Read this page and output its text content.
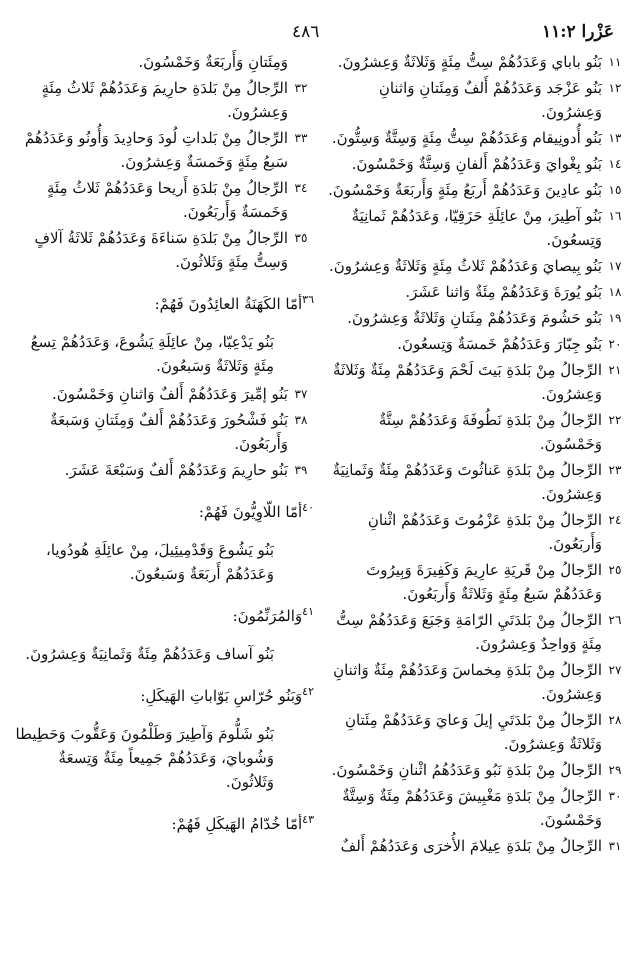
عَزْرا ١١:٢
٤٨٦
١١
بَنُو باباي وَعَدَدُهُمْ سِتُّ مِئَةٍ وَثَلاثَةٌ وَعِشرُونَ.
١٢
بَنُو عَزْجَد وَعَدَدُهُمْ أَلفٌ وَمِئَتانِ وَاثنانِ وَعِشرُونَ.
١٣
بَنُو أُدونِيقام وَعَدَدُهُمْ سِتُّ مِئَةٍ وَسِتَّةٌ وَسِتُّونَ.
١٤
بَنُو بِغْوايَ وَعَدَدُهُمْ أَلفانِ وَسِتَّةٌ وَخَمْسُونَ.
١٥
بَنُو عادِينَ وَعَدَدُهُمْ أَربَعُ مِئَةٍ وَأَربَعَةٌ وَخَمْسُونَ.
١٦
بَنُو آطِيرَ، مِنْ عائِلَةِ حَزَقِيّا، وَعَدَدُهُمْ ثَمانِيَةٌ وَتِسعُونَ.
١٧
بَنُو بِيصايَ وَعَدَدُهُمْ ثَلاثُ مِئَةٍ وَثَلاثَةٌ وَعِشرُونَ.
١٨
بَنُو يُورَةَ وَعَدَدُهُمْ مِئَةٌ وَاثنا عَشَرَ.
١٩
بَنُو حَشُومَ وَعَدَدُهُمْ مِئَتانِ وَثَلاثَةٌ وَعِشرُونَ.
٢٠
بَنُو جِبّارَ وَعَدَدُهُمْ خَمسَةٌ وَتِسعُونَ.
٢١
الرِّجالُ مِنْ بَلدَةِ بَيتَ لَحْمَ وَعَدَدُهُمْ مِئَةٌ وَثَلاثَةٌ وَعِشرُونَ.
٢٢
الرِّجالُ مِنْ بَلدَةِ نَطُوفَةَ وَعَدَدُهُمْ سِتَّةٌ وَخَمْسُونَ.
٢٣
الرِّجالُ مِنْ بَلدَةِ عَناثُوتَ وَعَدَدُهُمْ مِئَةٌ وَثَمانِيَةٌ وَعِشرُونَ.
٢٤
الرِّجالُ مِنْ بَلدَةِ عَزْمُوتَ وَعَدَدُهُمْ اثْنانِ وَأَربَعُونَ.
٢٥
الرِّجالُ مِنْ قَريَةِ عارِيمَ وَكَفِيرَةَ وَبِيرُوتَ وَعَدَدُهُمْ سَبعُ مِئَةٍ وَثَلاثَةٌ وَأَربَعُونَ.
٢٦
الرِّجالُ مِنْ بَلدَتَيِ الرّامَةِ وَجَبَعَ وَعَدَدُهُمْ سِتُّ مِئَةٍ وَواحِدٌ وَعِشرُونَ.
٢٧
الرِّجالُ مِنْ بَلدَةِ مِخماسَ وَعَدَدُهُمْ مِئَةٌ وَاثنانِ وَعِشرُونَ.
٢٨
الرِّجالُ مِنْ بَلدَتَيِ إيلَ وَعايَ وَعَدَدُهُمْ مِئَتانِ وَثَلاثَةٌ وَعِشرُونَ.
٢٩
الرِّجالُ مِنْ بَلدَةِ نَبُو وَعَدَدُهُمُ اثْنانِ وَخَمْسُونَ.
٣٠
الرِّجالُ مِنْ بَلدَةِ مَغْبِيشَ وَعَدَدُهُمْ مِئَةٌ وَسِتَّةٌ وَخَمْسُونَ.
٣١
الرِّجالُ مِنْ بَلدَةِ عِيلامَ الأُخرَى وَعَدَدُهُمْ أَلفٌ
وَمِئَتانِ وَأَربَعَةٌ وَخَمْسُونَ.
٣٢
الرِّجالُ مِنْ بَلدَةِ حارِيمَ وَعَدَدُهُمْ ثَلاثُ مِئَةٍ وَعِشرُونَ.
٣٣
الرِّجالُ مِنْ بَلداتِ لُودَ وَحادِيدَ وَأُونُو وَعَدَدُهُمْ سَبعُ مِئَةٍ وَخَمسَةٌ وَعِشرُونَ.
٣٤
الرِّجالُ مِنْ بَلدَةِ أَريحا وَعَدَدُهُمْ ثَلاثُ مِئَةٍ وَخَمسَةٌ وَأَربَعُونَ.
٣٥
الرِّجالُ مِنْ بَلدَةِ سَناءَةَ وَعَدَدُهُمْ ثَلاثَةُ آلافٍ وَسِتُّ مِئَةٍ وَثَلاثُونَ.
$^{٣٦}$أمّا الكَهَنَةُ العائِدُونَ فَهُمْ:
بَنُو يَدْعِيّا، مِنْ عائِلَةِ يَشُوعَ، وَعَدَدُهُمْ تِسعُ مِئَةٍ وَثَلاثَةٌ وَسَبعُونَ.
٣٧
بَنُو إمِّيرَ وَعَدَدُهُمْ أَلفٌ وَاثنانِ وَخَمْسُونَ.
٣٨
بَنُو فَشْحُورَ وَعَدَدُهُمْ أَلفٌ وَمِئَتانِ وَسَبعَةٌ وَأَربَعُونَ.
٣٩
بَنُو حارِيمَ وَعَدَدُهُمْ أَلفٌ وَسَبْعَةَ عَشَرَ.
$^{٤٠}$أمّا اللّاوِيُّونَ فَهُمْ:
بَنُو يَشُوعَ وَقَدْمِيئِيلَ، مِنْ عائِلَةِ هُودُويا، وَعَدَدُهُمْ أَربَعَةٌ وَسَبعُونَ.
$^{٤١}$وَالمُرَنِّمُونَ:
بَنُو آساف وَعَدَدُهُمْ مِئَةٌ وَثَمانِيَةٌ وَعِشرُونَ.
$^{٤٢}$وَبَنُو حُرّاسِ بَوّاباتِ الهَيكَلِ:
بَنُو شَلُّومَ وَآطِيرَ وَطَلْمُونَ وَعَقُّوبَ وَحَطِيطا وَشُوبايَ، وَعَدَدُهُمْ جَمِيعاً مِئَةٌ وَتِسعَةٌ وَثَلاثُونَ.
$^{٤٣}$أمّا خُدّامُ الهَيكَلِ فَهُمْ:
